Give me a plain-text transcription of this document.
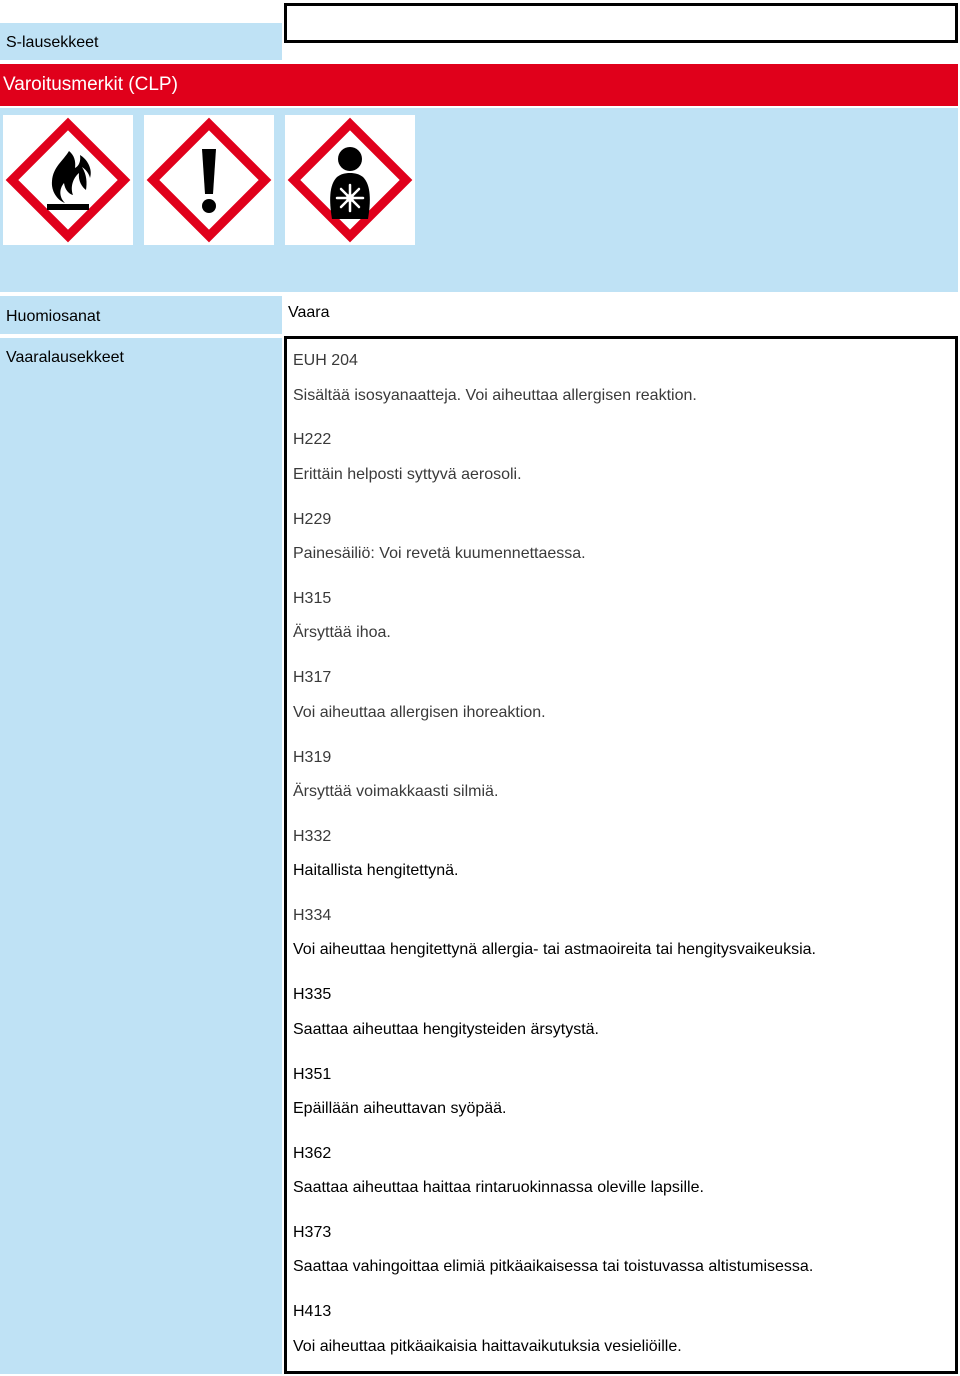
S-lausekkeet
Varoitusmerkit (CLP)
Huomiosanat	Vaara
Vaaralausekkeet	EUH 204
Sisältää isosyanaatteja. Voi aiheuttaa allergisen reaktion.
H222
Erittäin helposti syttyvä aerosoli.
H229
Painesäiliö: Voi revetä kuumennettaessa.
H315
Ärsyttää ihoa.
H317
Voi aiheuttaa allergisen ihoreaktion.
H319
Ärsyttää voimakkaasti silmiä.
H332
Haitallista hengitettynä.
H334
Voi aiheuttaa hengitettynä allergia- tai astmaoireita tai hengitysvaikeuksia.
H335
Saattaa aiheuttaa hengitysteiden ärsytystä.
H351
Epäillään aiheuttavan syöpää.
H362
Saattaa aiheuttaa haittaa rintaruokinnassa oleville lapsille.
H373
Saattaa vahingoittaa elimiä pitkäaikaisessa tai toistuvassa altistumisessa.
H413
Voi aiheuttaa pitkäaikaisia haittavaikutuksia vesieliöille.
